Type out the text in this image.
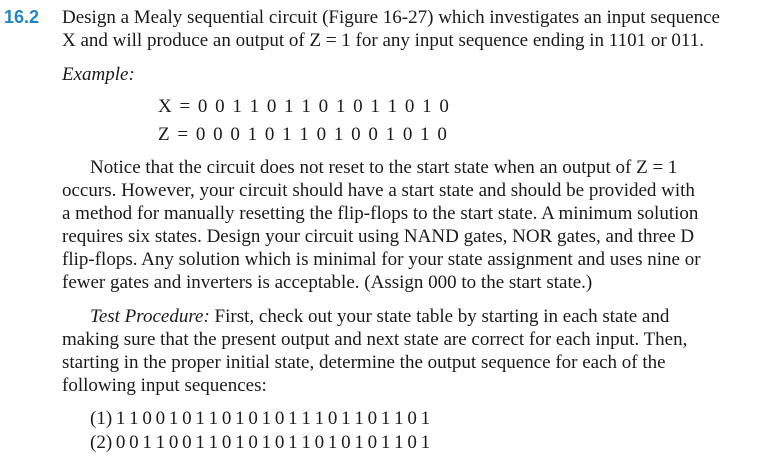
16.2 Design a Mealy sequential circuit (Figure 16-27) which investigates an input sequence
X and will produce an output of Z = 1 for any input sequence ending in 1101 or 011.
Example:
X = 0 0 1 1 0 1 1 0 1 0 1 1 0 1 0
Z = 0 0 0 1 0 1 1 0 1 0 0 1 0 1 0
Notice that the circuit does not reset to the start state when an output of Z = 1
occurs. However, your circuit should have a start state and should be provided with
a method for manually resetting the flip-flops to the start state. A minimum solution
requires six states. Design your circuit using NAND gates, NOR gates, and three D
flip-flops. Any solution which is minimal for your state assignment and uses nine or
fewer gates and inverters is acceptable. (Assign 000 to the start state.)
Test Procedure: First, check out your state table by starting in each state and
making sure that the present output and next state are correct for each input. Then,
starting in the proper initial state, determine the output sequence for each of the
following input sequences:
(1) 1 1 0 0 1 0 1 1 0 1 0 1 0 1 1 1 0 1 1 0 1 1 0 1
(2) 0 0 1 1 0 0 1 1 0 1 0 1 0 1 1 0 1 0 1 0 1 1 0 1
